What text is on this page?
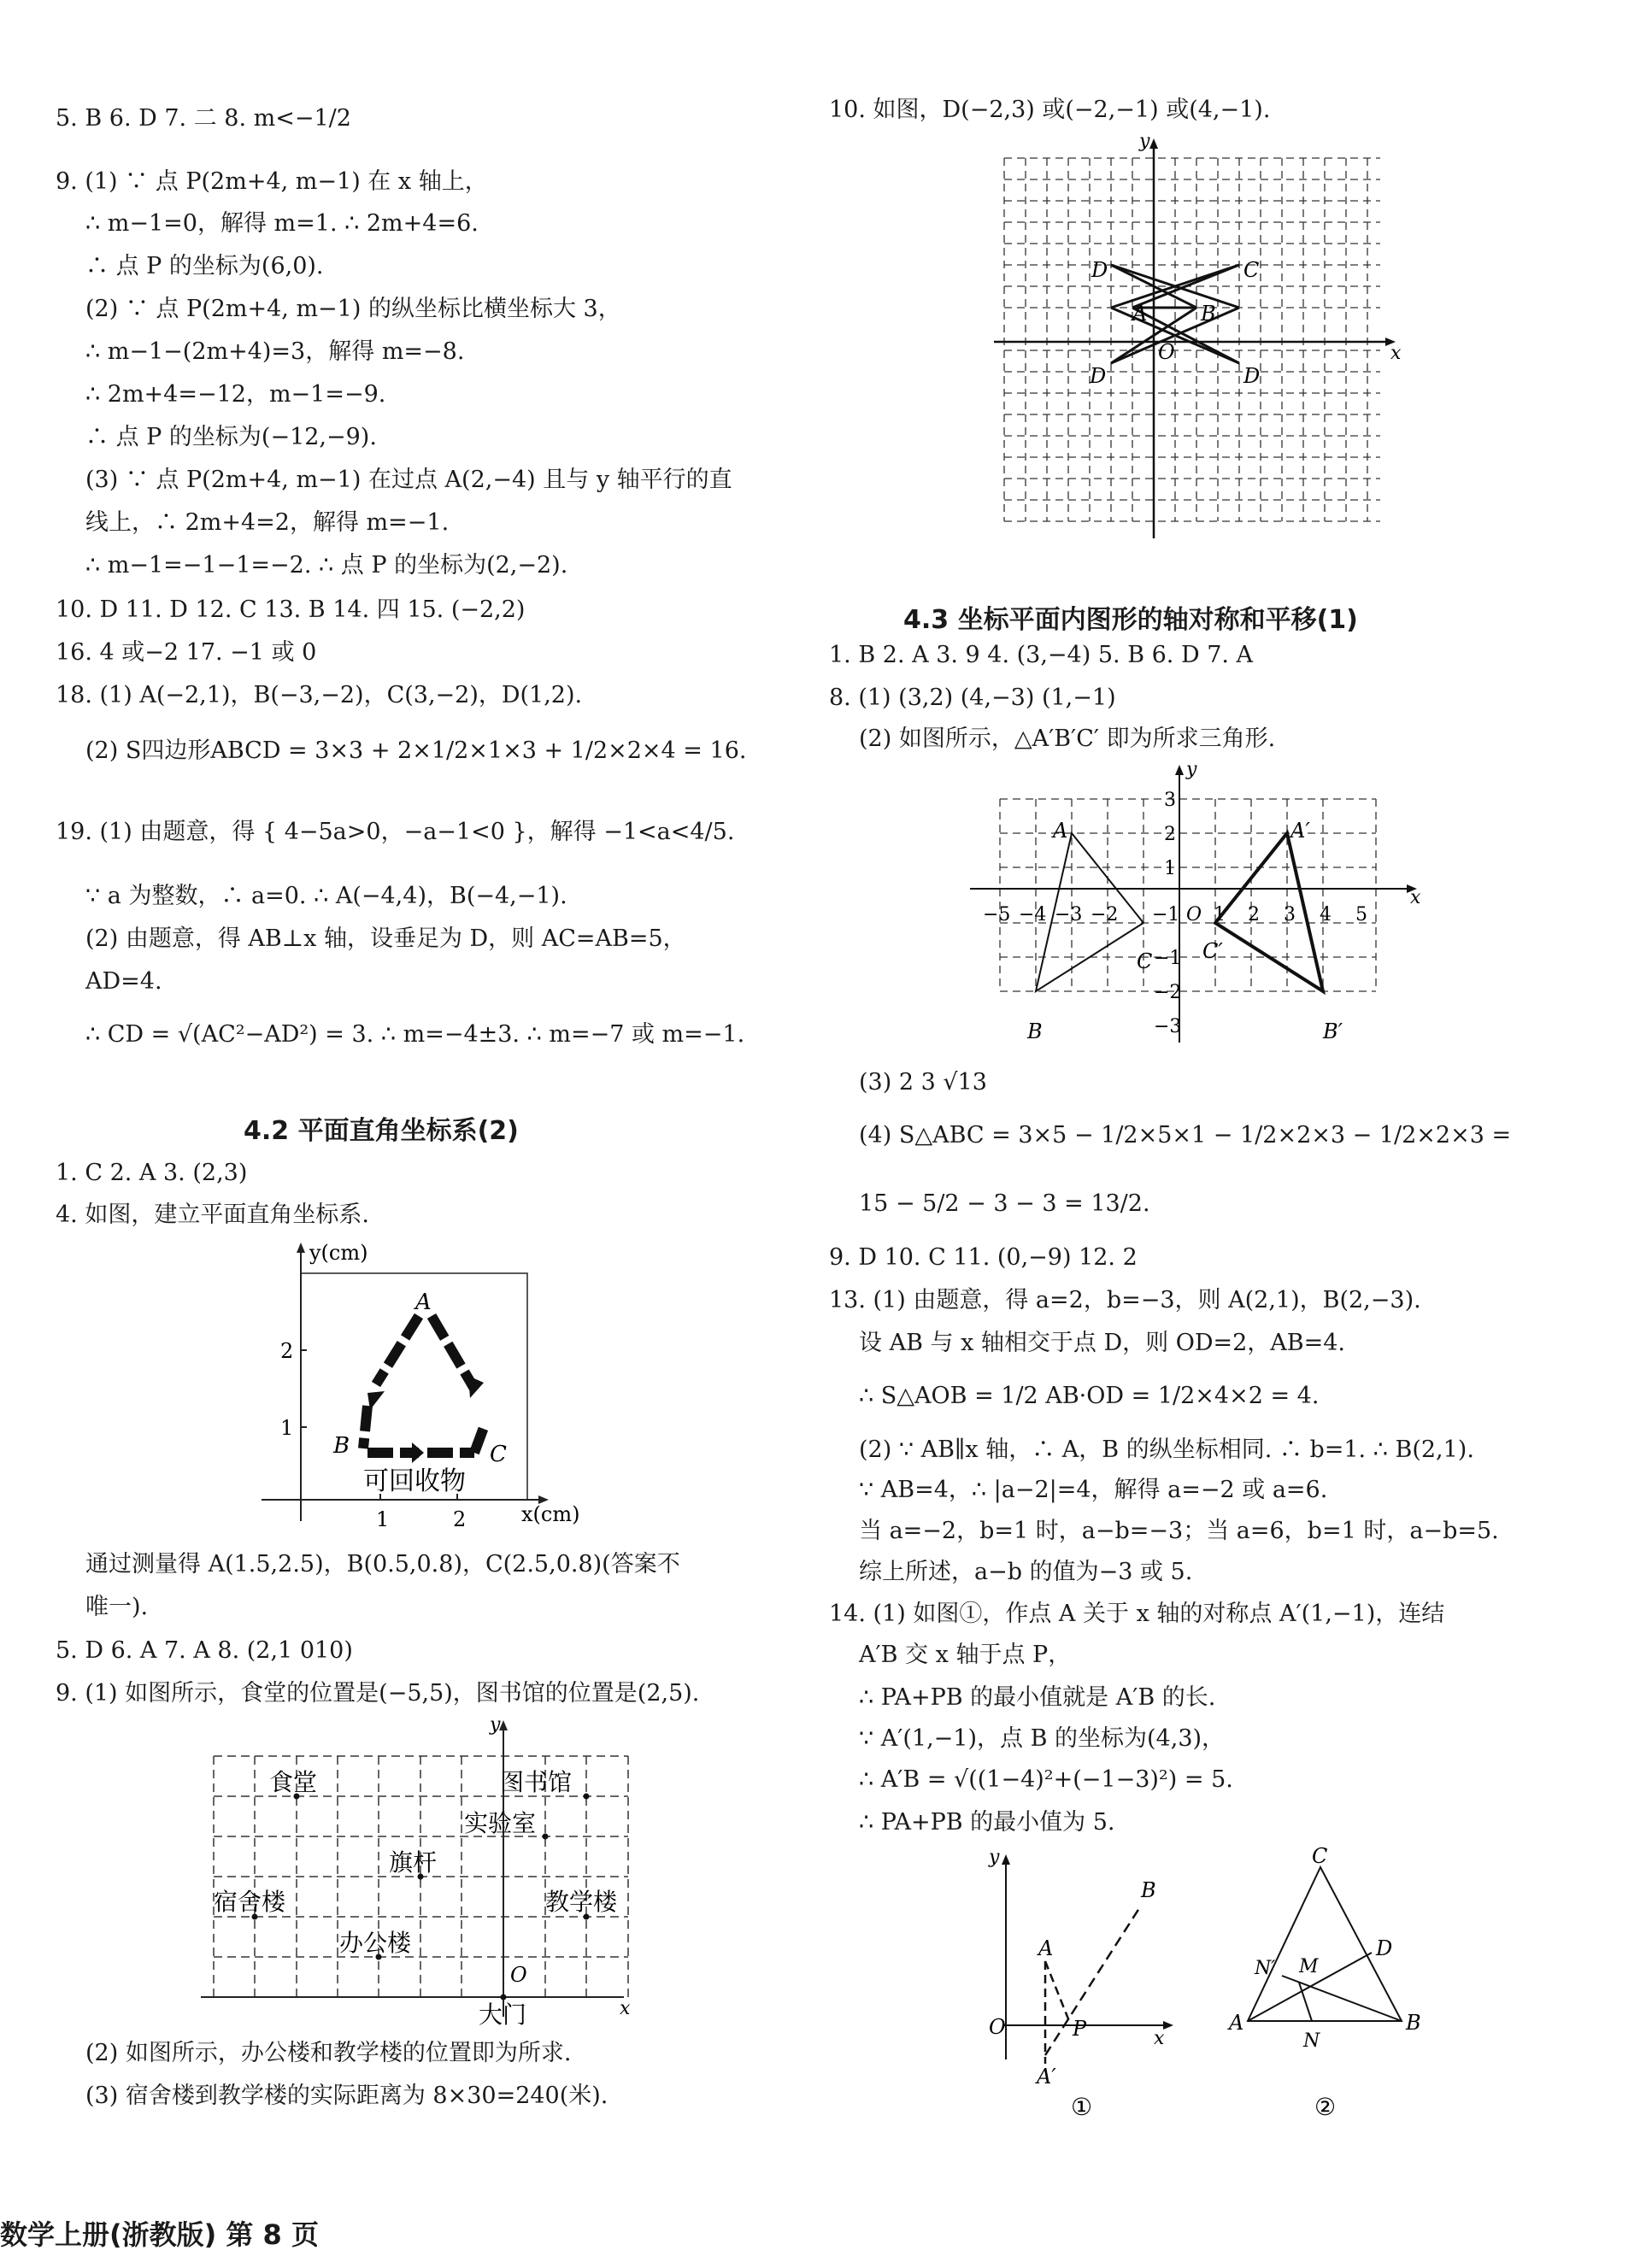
5. B 6. D 7. 二 8. m<−1/2
9. (1) ∵ 点 P(2m+4, m−1) 在 x 轴上，
∴ m−1=0，解得 m=1. ∴ 2m+4=6.
∴ 点 P 的坐标为(6,0).
(2) ∵ 点 P(2m+4, m−1) 的纵坐标比横坐标大 3，
∴ m−1−(2m+4)=3，解得 m=−8.
∴ 2m+4=−12，m−1=−9.
∴ 点 P 的坐标为(−12,−9).
(3) ∵ 点 P(2m+4, m−1) 在过点 A(2,−4) 且与 y 轴平行的直
线上，∴ 2m+4=2，解得 m=−1.
∴ m−1=−1−1=−2. ∴ 点 P 的坐标为(2,−2).
10. D 11. D 12. C 13. B 14. 四 15. (−2,2)
16. 4 或−2 17. −1 或 0
18. (1) A(−2,1)，B(−3,−2)，C(3,−2)，D(1,2).
(2) S四边形ABCD = 3×3 + 2×1/2×1×3 + 1/2×2×4 = 16.
19. (1) 由题意，得 { 4−5a>0，−a−1<0 }，解得 −1<a<4/5.
∵ a 为整数，∴ a=0. ∴ A(−4,4)，B(−4,−1).
(2) 由题意，得 AB⊥x 轴，设垂足为 D，则 AC=AB=5，
AD=4.
∴ CD = √(AC²−AD²) = 3. ∴ m=−4±3. ∴ m=−7 或 m=−1.
4.2 平面直角坐标系(2)
1. C 2. A 3. (2,3)
4. 如图，建立平面直角坐标系.
y(cm)
x(cm)
1	2
1
2
A
B	C
可回收物
通过测量得 A(1.5,2.5)，B(0.5,0.8)，C(2.5,0.8)(答案不
唯一).
5. D 6. A 7. A 8. (2,1 010)
9. (1) 如图所示，食堂的位置是(−5,5)，图书馆的位置是(2,5).
食堂	图书馆
实验室
旗杆
宿舍楼	教学楼
办公楼
大门
O
y
x
(2) 如图所示，办公楼和教学楼的位置即为所求.
(3) 宿舍楼到教学楼的实际距离为 8×30=240(米).
10. 如图，D(−2,3) 或(−2,−1) 或(4,−1).
D	C
A	B
O
D	D
x
y
4.3 坐标平面内图形的轴对称和平移(1)
1. B 2. A 3. 9 4. (3,−4) 5. B 6. D 7. A
8. (1) (3,2) (4,−3) (1,−1)
(2) 如图所示，△A′B′C′ 即为所求三角形.
A
B
C
A′
B′
C′
−5 −4 −3 −2 −1 O 1 2 3 4 5
3
2
1
−1
−2
−3
x
y
(3) 2 3 √13
(4) S△ABC = 3×5 − 1/2×5×1 − 1/2×2×3 − 1/2×2×3 =
15 − 5/2 − 3 − 3 = 13/2.
9. D 10. C 11. (0,−9) 12. 2
13. (1) 由题意，得 a=2，b=−3，则 A(2,1)，B(2,−3).
设 AB 与 x 轴相交于点 D，则 OD=2，AB=4.
∴ S△AOB = 1/2 AB·OD = 1/2×4×2 = 4.
(2) ∵ AB∥x 轴，∴ A，B 的纵坐标相同. ∴ b=1. ∴ B(2,1).
∵ AB=4，∴ |a−2|=4，解得 a=−2 或 a=6.
当 a=−2，b=1 时，a−b=−3；当 a=6，b=1 时，a−b=5.
综上所述，a−b 的值为−3 或 5.
14. (1) 如图①，作点 A 关于 x 轴的对称点 A′(1,−1)，连结
A′B 交 x 轴于点 P，
∴ PA+PB 的最小值就是 A′B 的长.
∵ A′(1,−1)，点 B 的坐标为(4,3)，
∴ A′B = √((1−4)²+(−1−3)²) = 5.
∴ PA+PB 的最小值为 5.
B
A
O	P
A′
x
y
①
C
D
N′ M
A
N
B
②
数学上册(浙教版) 第 8 页
